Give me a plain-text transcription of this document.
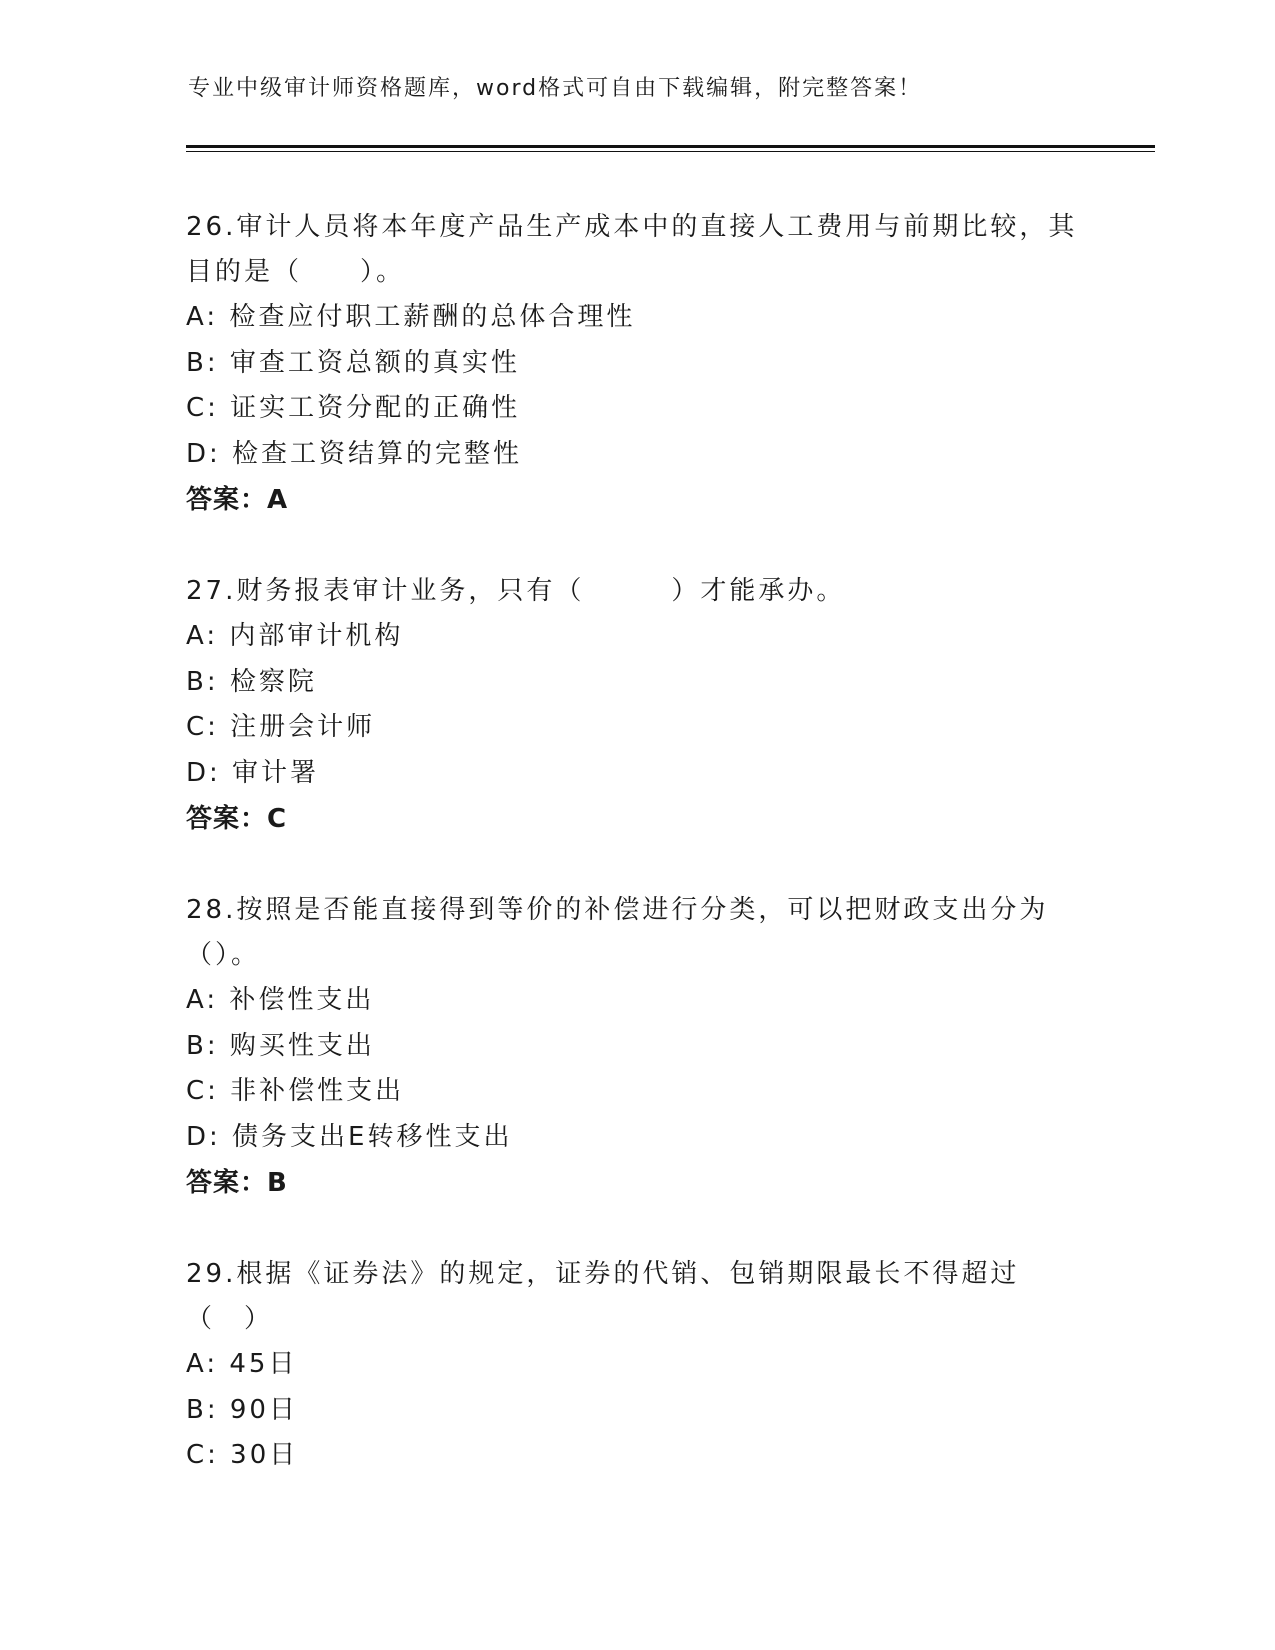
专业中级审计师资格题库，word格式可自由下载编辑，附完整答案！

26.审计人员将本年度产品生产成本中的直接人工费用与前期比较，其目的是（　　）。

A: 检查应付职工薪酬的总体合理性

B: 审查工资总额的真实性

C: 证实工资分配的正确性

D: 检查工资结算的完整性

答案：A

27.财务报表审计业务，只有（　　　）才能承办。

A: 内部审计机构

B: 检察院

C: 注册会计师

D: 审计署

答案：C

28.按照是否能直接得到等价的补偿进行分类，可以把财政支出分为（）。

A: 补偿性支出

B: 购买性支出

C: 非补偿性支出

D: 债务支出E转移性支出

答案：B

29.根据《证券法》的规定，证券的代销、包销期限最长不得超过（　）

A: 45日

B: 90日

C: 30日
